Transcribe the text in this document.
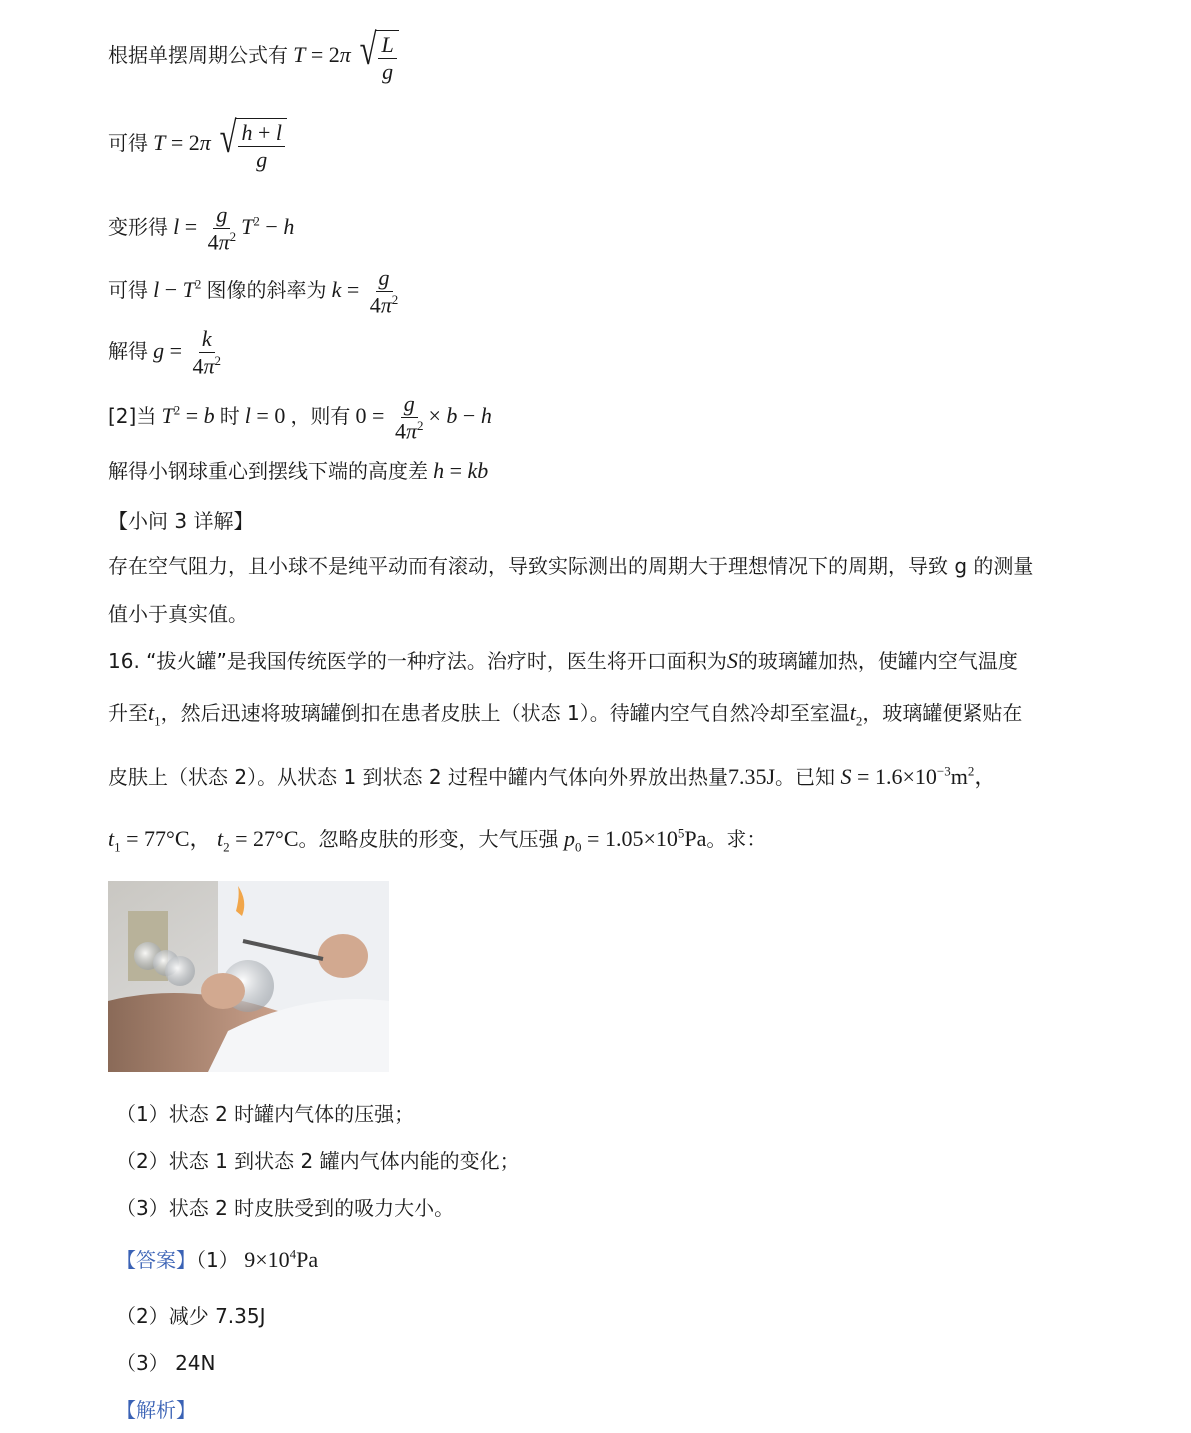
根据单摆周期公式有 T = 2π √ $\frac{L}{g}$
可得 T = 2π √ $\frac{h + l}{g}$
变形得 $l = \frac{g}{4\pi^2} T^2 - h$
可得 $l - T^2$ 图像的斜率为 $k = \frac{g}{4\pi^2}$
解得 $g = \frac{k}{4\pi^2}$
[2]当 $T^2 = b$ 时 l = 0 ，则有 $0 = \frac{g}{4\pi^2} \times b - h$
解得小钢球重心到摆线下端的高度差 h = kb
【小问 3 详解】
存在空气阻力，且小球不是纯平动而有滚动，导致实际测出的周期大于理想情况下的周期，导致 g 的测量
值小于真实值。
16. “拔火罐”是我国传统医学的一种疗法。治疗时，医生将开口面积为S的玻璃罐加热，使罐内空气温度
升至$t_1$，然后迅速将玻璃罐倒扣在患者皮肤上（状态 1）。待罐内空气自然冷却至室温$t_2$，玻璃罐便紧贴在
皮肤上（状态 2）。从状态 1 到状态 2 过程中罐内气体向外界放出热量7.35J。已知 $S = 1.6\times 10^{-3}m^2$，
$t_1 = 77^\circ C$， $t_2 = 27^\circ C$。忽略皮肤的形变，大气压强 $p_0 = 1.05\times 10^5Pa$。求：
（1）状态 2 时罐内气体的压强；
（2）状态 1 到状态 2 罐内气体内能的变化；
（3）状态 2 时皮肤受到的吸力大小。
【答案】（1） $9\times 10^4Pa$
（2）减少 7.35J
（3） 24N
【解析】
